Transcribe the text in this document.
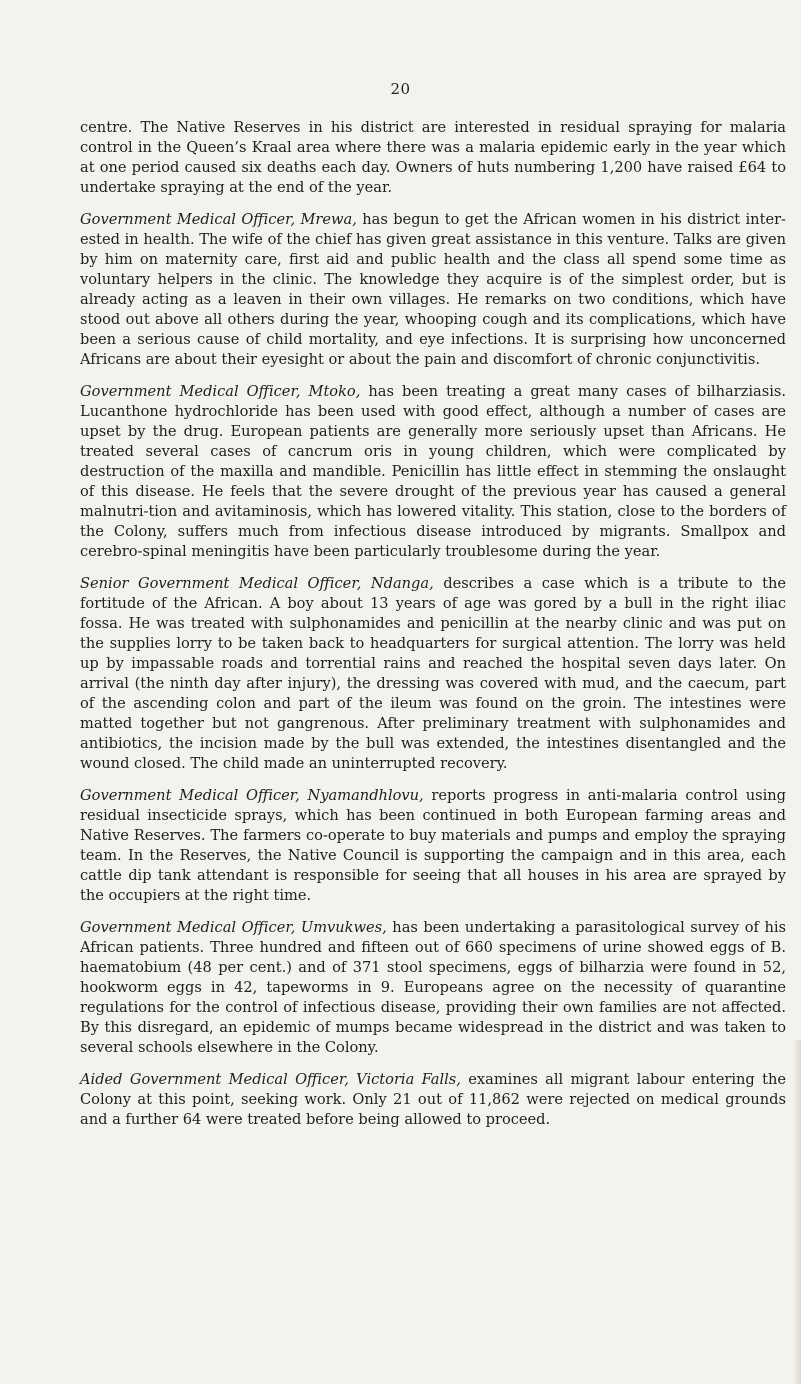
20

centre. The Native Reserves in his district are interested in residual spraying for malaria control in the Queen’s Kraal area where there was a malaria epidemic early in the year which at one period caused six deaths each day. Owners of huts numbering 1,200 have raised £64 to undertake spraying at the end of the year.

Government Medical Officer, Mrewa, has begun to get the African women in his district inter-ested in health. The wife of the chief has given great assistance in this venture. Talks are given by him on maternity care, first aid and public health and the class all spend some time as voluntary helpers in the clinic. The knowledge they acquire is of the simplest order, but is already acting as a leaven in their own villages. He remarks on two conditions, which have stood out above all others during the year, whooping cough and its complications, which have been a serious cause of child mortality, and eye infections. It is surprising how unconcerned Africans are about their eyesight or about the pain and discomfort of chronic conjunctivitis.

Government Medical Officer, Mtoko, has been treating a great many cases of bilharziasis. Lucanthone hydrochloride has been used with good effect, although a number of cases are upset by the drug. European patients are generally more seriously upset than Africans. He treated several cases of cancrum oris in young children, which were complicated by destruction of the maxilla and mandible. Penicillin has little effect in stemming the onslaught of this disease. He feels that the severe drought of the previous year has caused a general malnutri-tion and avitaminosis, which has lowered vitality. This station, close to the borders of the Colony, suffers much from infectious disease introduced by migrants. Smallpox and cerebro-spinal meningitis have been particularly troublesome during the year.

Senior Government Medical Officer, Ndanga, describes a case which is a tribute to the fortitude of the African. A boy about 13 years of age was gored by a bull in the right iliac fossa. He was treated with sulphonamides and penicillin at the nearby clinic and was put on the supplies lorry to be taken back to headquarters for surgical attention. The lorry was held up by impassable roads and torrential rains and reached the hospital seven days later. On arrival (the ninth day after injury), the dressing was covered with mud, and the caecum, part of the ascending colon and part of the ileum was found on the groin. The intestines were matted together but not gangrenous. After preliminary treatment with sulphonamides and antibiotics, the incision made by the bull was extended, the intestines disentangled and the wound closed. The child made an uninterrupted recovery.

Government Medical Officer, Nyamandhlovu, reports progress in anti-malaria control using residual insecticide sprays, which has been continued in both European farming areas and Native Reserves. The farmers co-operate to buy materials and pumps and employ the spraying team. In the Reserves, the Native Council is supporting the campaign and in this area, each cattle dip tank attendant is responsible for seeing that all houses in his area are sprayed by the occupiers at the right time.

Government Medical Officer, Umvukwes, has been undertaking a parasitological survey of his African patients. Three hundred and fifteen out of 660 specimens of urine showed eggs of B. haematobium (48 per cent.) and of 371 stool specimens, eggs of bilharzia were found in 52, hookworm eggs in 42, tapeworms in 9. Europeans agree on the necessity of quarantine regulations for the control of infectious disease, providing their own families are not affected. By this disregard, an epidemic of mumps became widespread in the district and was taken to several schools elsewhere in the Colony.

Aided Government Medical Officer, Victoria Falls, examines all migrant labour entering the Colony at this point, seeking work. Only 21 out of 11,862 were rejected on medical grounds and a further 64 were treated before being allowed to proceed.
